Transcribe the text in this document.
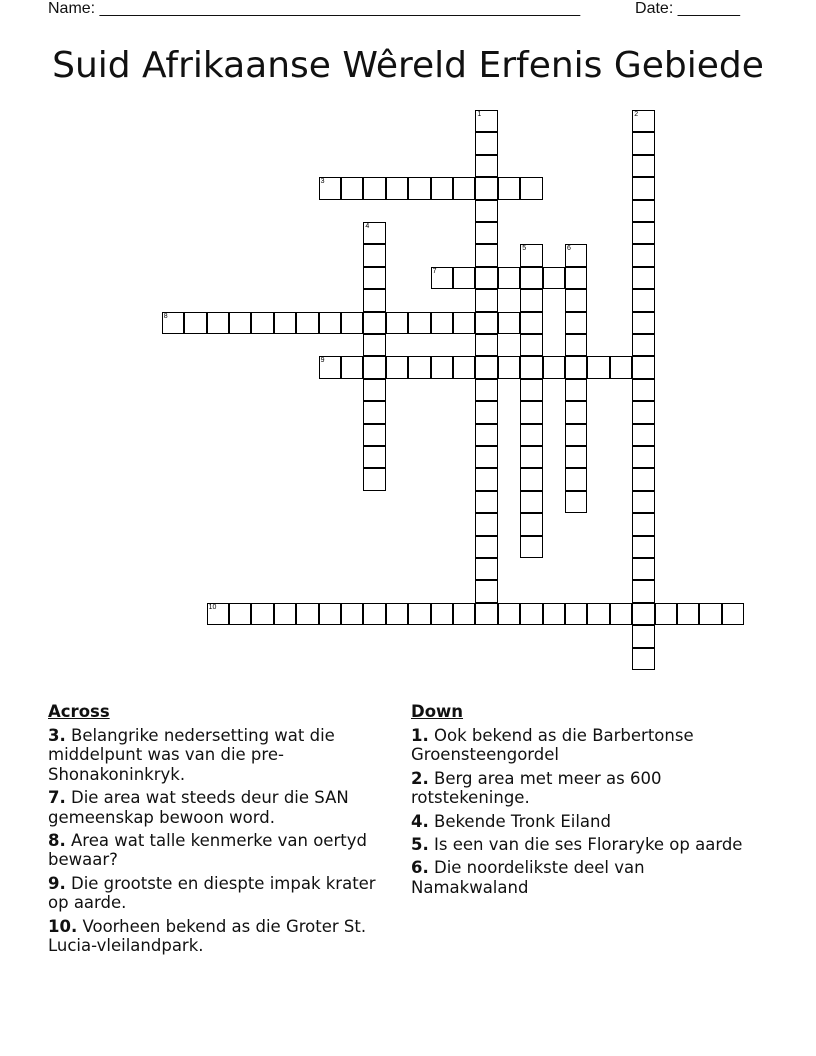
Name: ______________________________________________________	Date: _______
Suid Afrikaanse Wêreld Erfenis Gebiede
1	2
3
4
5	6
7
8
9
10
Across
3. Belangrike nedersetting wat die middelpunt was van die pre-Shonakoninkryk.
7. Die area wat steeds deur die SAN gemeenskap bewoon word.
8. Area wat talle kenmerke van oertyd bewaar?
9. Die grootste en diespte impak krater op aarde.
10. Voorheen bekend as die Groter St. Lucia-vleilandpark.
Down
1. Ook bekend as die Barbertonse Groensteengordel
2. Berg area met meer as 600 rotstekeninge.
4. Bekende Tronk Eiland
5. Is een van die ses Floraryke op aarde
6. Die noordelikste deel van Namakwaland
